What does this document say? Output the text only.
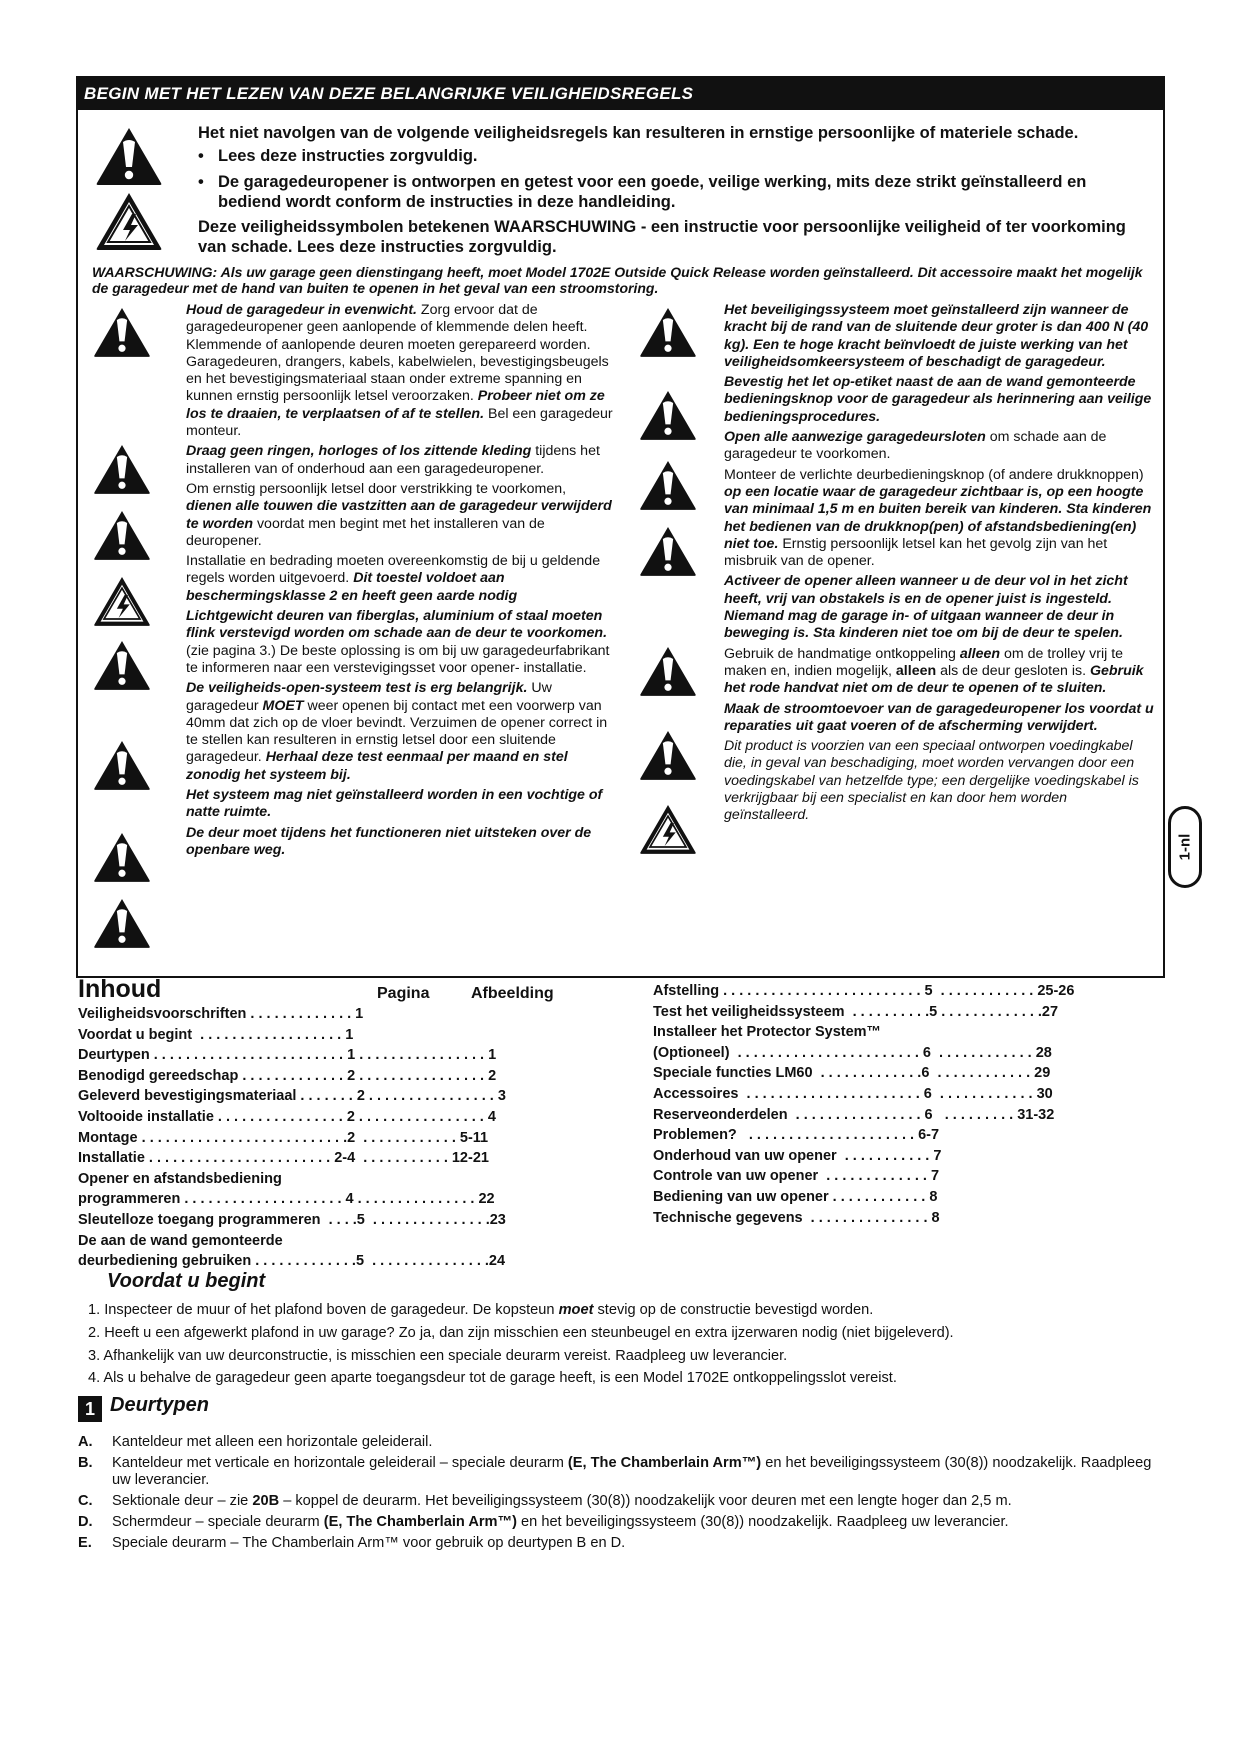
BEGIN MET HET LEZEN VAN DEZE BELANGRIJKE VEILIGHEIDSREGELS
Het niet navolgen van de volgende veiligheidsregels kan resulteren in ernstige persoonlijke of materiele schade.
• Lees deze instructies zorgvuldig.
• De garagedeuropener is ontworpen en getest voor een goede, veilige werking, mits deze strikt geïnstalleerd en bediend wordt conform de instructies in deze handleiding.
Deze veiligheidssymbolen betekenen WAARSCHUWING - een instructie voor persoonlijke veiligheid of ter voorkoming van schade. Lees deze instructies zorgvuldig.
WAARSCHUWING: Als uw garage geen dienstingang heeft, moet Model 1702E Outside Quick Release worden geïnstalleerd. Dit accessoire maakt het mogelijk de garagedeur met de hand van buiten te openen in het geval van een stroomstoring.

Houd de garagedeur in evenwicht. Zorg ervoor dat de garagedeuropener geen aanlopende of klemmende delen heeft. Klemmende of aanlopende deuren moeten gerepareerd worden. Garagedeuren, drangers, kabels, kabelwielen, bevestigingsbeugels en het bevestigingsmateriaal staan onder extreme spanning en kunnen ernstig persoonlijk letsel veroorzaken. Probeer niet om ze los te draaien, te verplaatsen of af te stellen. Bel een garagedeur monteur.

Draag geen ringen, horloges of los zittende kleding tijdens het installeren van of onderhoud aan een garagedeuropener.

Om ernstig persoonlijk letsel door verstrikking te voorkomen, dienen alle touwen die vastzitten aan de garagedeur verwijderd te worden voordat men begint met het installeren van de deuropener.

Installatie en bedrading moeten overeenkomstig de bij u geldende regels worden uitgevoerd. Dit toestel voldoet aan beschermingsklasse 2 en heeft geen aarde nodig

Lichtgewicht deuren van fiberglas, aluminium of staal moeten flink verstevigd worden om schade aan de deur te voorkomen. (zie pagina 3.) De beste oplossing is om bij uw garagedeurfabrikant te informeren naar een verstevigingsset voor opener- installatie.

De veiligheids-open-systeem test is erg belangrijk. Uw garagedeur MOET weer openen bij contact met een voorwerp van 40mm dat zich op de vloer bevindt. Verzuimen de opener correct in te stellen kan resulteren in ernstig letsel door een sluitende garagedeur. Herhaal deze test eenmaal per maand en stel zonodig het systeem bij.

Het systeem mag niet geïnstalleerd worden in een vochtige of natte ruimte.

De deur moet tijdens het functioneren niet uitsteken over de openbare weg.

Het beveiligingssysteem moet geïnstalleerd zijn wanneer de kracht bij de rand van de sluitende deur groter is dan 400 N (40 kg). Een te hoge kracht beïnvloedt de juiste werking van het veiligheidsomkeersysteem of beschadigt de garagedeur.

Bevestig het let op-etiket naast de aan de wand gemonteerde bedieningsknop voor de garagedeur als herinnering aan veilige bedieningsprocedures.

Open alle aanwezige garagedeursloten om schade aan de garagedeur te voorkomen.

Monteer de verlichte deurbedieningsknop (of andere drukknoppen) op een locatie waar de garagedeur zichtbaar is, op een hoogte van minimaal 1,5 m en buiten bereik van kinderen. Sta kinderen het bedienen van de drukknop(pen) of afstandsbediening(en) niet toe. Ernstig persoonlijk letsel kan het gevolg zijn van het misbruik van de opener.

Activeer de opener alleen wanneer u de deur vol in het zicht heeft, vrij van obstakels is en de opener juist is ingesteld. Niemand mag de garage in- of uitgaan wanneer de deur in beweging is. Sta kinderen niet toe om bij de deur te spelen.

Gebruik de handmatige ontkoppeling alleen om de trolley vrij te maken en, indien mogelijk, alleen als de deur gesloten is. Gebruik het rode handvat niet om de deur te openen of te sluiten.

Maak de stroomtoevoer van de garagedeuropener los voordat u reparaties uit gaat voeren of de afscherming verwijdert.

Dit product is voorzien van een speciaal ontworpen voedingkabel die, in geval van beschadiging, moet worden vervangen door een voedingskabel van hetzelfde type; een dergelijke voedingskabel is verkrijgbaar bij een specialist en kan door hem worden geïnstalleerd.

1-nl
Inhoud	Pagina	Afbeelding
Veiligheidsvoorschriften . . . . . . . . . . . . . 1
Voordat u begint  . . . . . . . . . . . . . . . . . . 1
Deurtypen . . . . . . . . . . . . . . . . . . . . . . . . 1 . . . . . . . . . . . . . . . . 1
Benodigd gereedschap . . . . . . . . . . . . . 2 . . . . . . . . . . . . . . . . 2
Geleverd bevestigingsmateriaal . . . . . . . 2 . . . . . . . . . . . . . . . . 3
Voltooide installatie . . . . . . . . . . . . . . . . 2 . . . . . . . . . . . . . . . . 4
Montage . . . . . . . . . . . . . . . . . . . . . . . . . .2  . . . . . . . . . . . . 5-11
Installatie . . . . . . . . . . . . . . . . . . . . . . . 2-4  . . . . . . . . . . . 12-21
Opener en afstandsbediening
programmeren . . . . . . . . . . . . . . . . . . . . 4 . . . . . . . . . . . . . . . 22
Sleutelloze toegang programmeren  . . . .5  . . . . . . . . . . . . . . .23
De aan de wand gemonteerde
deurbediening gebruiken . . . . . . . . . . . . .5  . . . . . . . . . . . . . . .24
Afstelling . . . . . . . . . . . . . . . . . . . . . . . . . 5  . . . . . . . . . . . . 25-26
Test het veiligheidssysteem  . . . . . . . . . .5 . . . . . . . . . . . . .27
Installeer het Protector System™
(Optioneel)  . . . . . . . . . . . . . . . . . . . . . . . 6  . . . . . . . . . . . . 28
Speciale functies LM60  . . . . . . . . . . . . .6  . . . . . . . . . . . . 29
Accessoires  . . . . . . . . . . . . . . . . . . . . . . 6  . . . . . . . . . . . . 30
Reserveonderdelen  . . . . . . . . . . . . . . . . 6   . . . . . . . . . 31-32
Problemen?   . . . . . . . . . . . . . . . . . . . . . 6-7
Onderhoud van uw opener  . . . . . . . . . . . 7
Controle van uw opener  . . . . . . . . . . . . . 7
Bediening van uw opener . . . . . . . . . . . . 8
Technische gegevens  . . . . . . . . . . . . . . . 8
Voordat u begint
1. Inspecteer de muur of het plafond boven de garagedeur. De kopsteun moet stevig op de constructie bevestigd worden.
2. Heeft u een afgewerkt plafond in uw garage? Zo ja, dan zijn misschien een steunbeugel en extra ijzerwaren nodig (niet bijgeleverd).
3. Afhankelijk van uw deurconstructie, is misschien een speciale deurarm vereist. Raadpleeg uw leverancier.
4. Als u behalve de garagedeur geen aparte toegangsdeur tot de garage heeft, is een Model 1702E ontkoppelingsslot vereist.
1 Deurtypen
A. Kanteldeur met alleen een horizontale geleiderail.
B. Kanteldeur met verticale en horizontale geleiderail – speciale deurarm (E, The Chamberlain Arm™) en het beveiligingssysteem (30(8)) noodzakelijk. Raadpleeg uw leverancier.
C. Sektionale deur – zie 20B – koppel de deurarm. Het beveiligingssysteem (30(8)) noodzakelijk voor deuren met een lengte hoger dan 2,5 m.
D. Schermdeur – speciale deurarm (E, The Chamberlain Arm™) en het beveiligingssysteem (30(8)) noodzakelijk. Raadpleeg uw leverancier.
E. Speciale deurarm – The Chamberlain Arm™ voor gebruik op deurtypen B en D.
